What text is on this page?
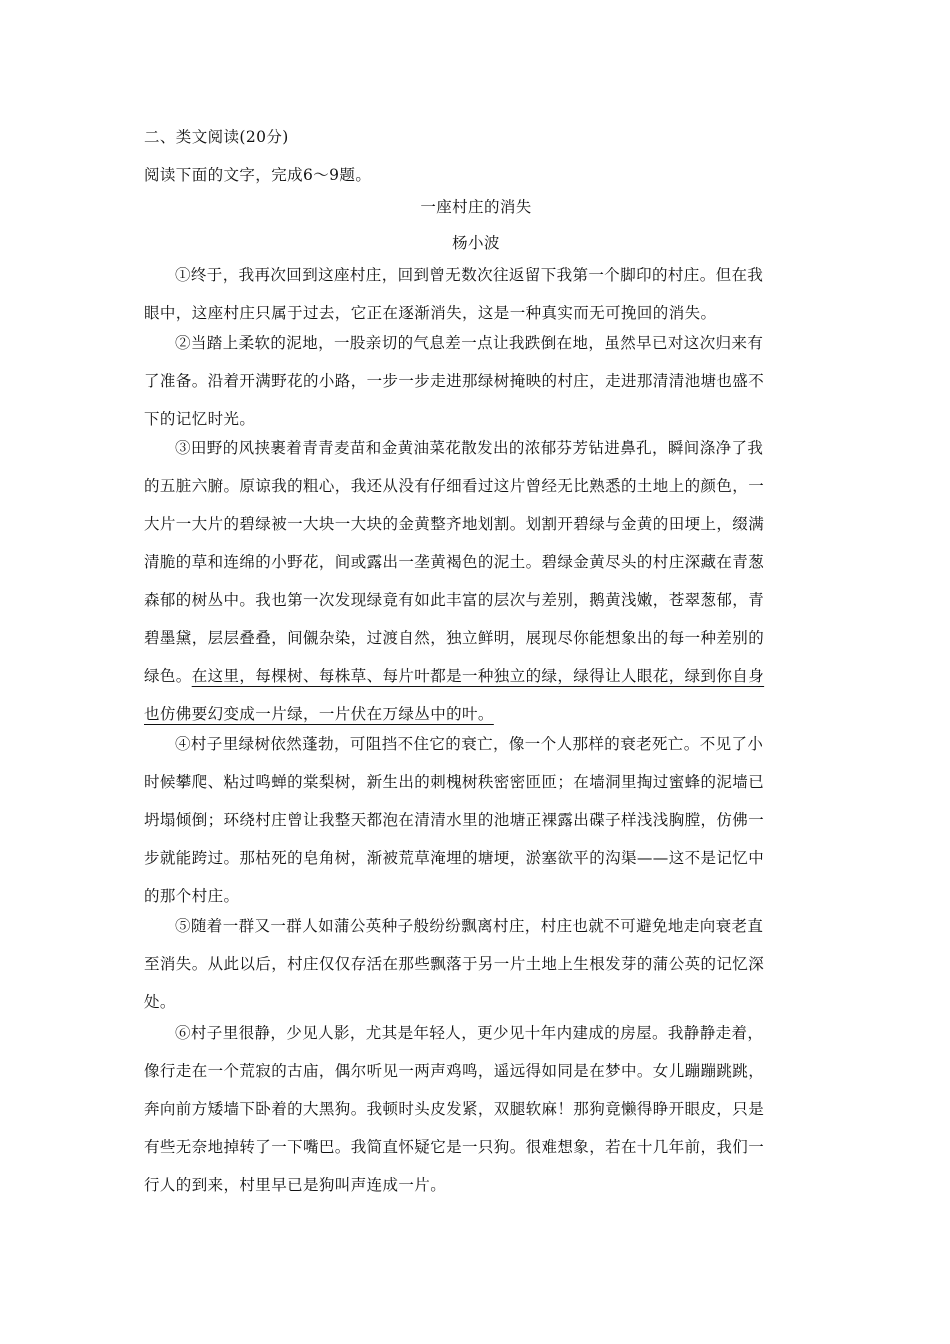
二、类文阅读(20分)
阅读下面的文字，完成6～9题。
一座村庄的消失
杨小波
①终于，我再次回到这座村庄，回到曾无数次往返留下我第一个脚印的村庄。但在我
眼中，这座村庄只属于过去，它正在逐渐消失，这是一种真实而无可挽回的消失。
②当踏上柔软的泥地，一股亲切的气息差一点让我跌倒在地，虽然早已对这次归来有
了准备。沿着开满野花的小路，一步一步走进那绿树掩映的村庄，走进那清清池塘也盛不
下的记忆时光。
③田野的风挟裹着青青麦苗和金黄油菜花散发出的浓郁芬芳钻进鼻孔，瞬间涤净了我
的五脏六腑。原谅我的粗心，我还从没有仔细看过这片曾经无比熟悉的土地上的颜色，一
大片一大片的碧绿被一大块一大块的金黄整齐地划割。划割开碧绿与金黄的田埂上，缀满
清脆的草和连绵的小野花，间或露出一垄黄褐色的泥土。碧绿金黄尽头的村庄深藏在青葱
森郁的树丛中。我也第一次发现绿竟有如此丰富的层次与差别，鹅黄浅嫩，苍翠葱郁，青
碧墨黛，层层叠叠，间儭杂染，过渡自然，独立鲜明，展现尽你能想象出的每一种差别的
绿色。在这里，每棵树、每株草、每片叶都是一种独立的绿，绿得让人眼花，绿到你自身
也仿佛要幻变成一片绿，一片伏在万绿丛中的叶。
④村子里绿树依然蓬勃，可阻挡不住它的衰亡，像一个人那样的衰老死亡。不见了小
时候攀爬、粘过鸣蝉的棠梨树，新生出的刺槐树秩密密匝匝；在墙洞里掏过蜜蜂的泥墙已
坍塌倾倒；环绕村庄曾让我整天都泡在清清水里的池塘正裸露出碟子样浅浅胸膛，仿佛一
步就能跨过。那枯死的皂角树，渐被荒草淹埋的塘埂，淤塞欲平的沟渠——这不是记忆中
的那个村庄。
⑤随着一群又一群人如蒲公英种子般纷纷飘离村庄，村庄也就不可避免地走向衰老直
至消失。从此以后，村庄仅仅存活在那些飘落于另一片土地上生根发芽的蒲公英的记忆深
处。
⑥村子里很静，少见人影，尤其是年轻人，更少见十年内建成的房屋。我静静走着，
像行走在一个荒寂的古庙，偶尔听见一两声鸡鸣，遥远得如同是在梦中。女儿蹦蹦跳跳，
奔向前方矮墙下卧着的大黑狗。我顿时头皮发紧，双腿软麻！那狗竟懒得睁开眼皮，只是
有些无奈地掉转了一下嘴巴。我简直怀疑它是一只狗。很难想象，若在十几年前，我们一
行人的到来，村里早已是狗叫声连成一片。
